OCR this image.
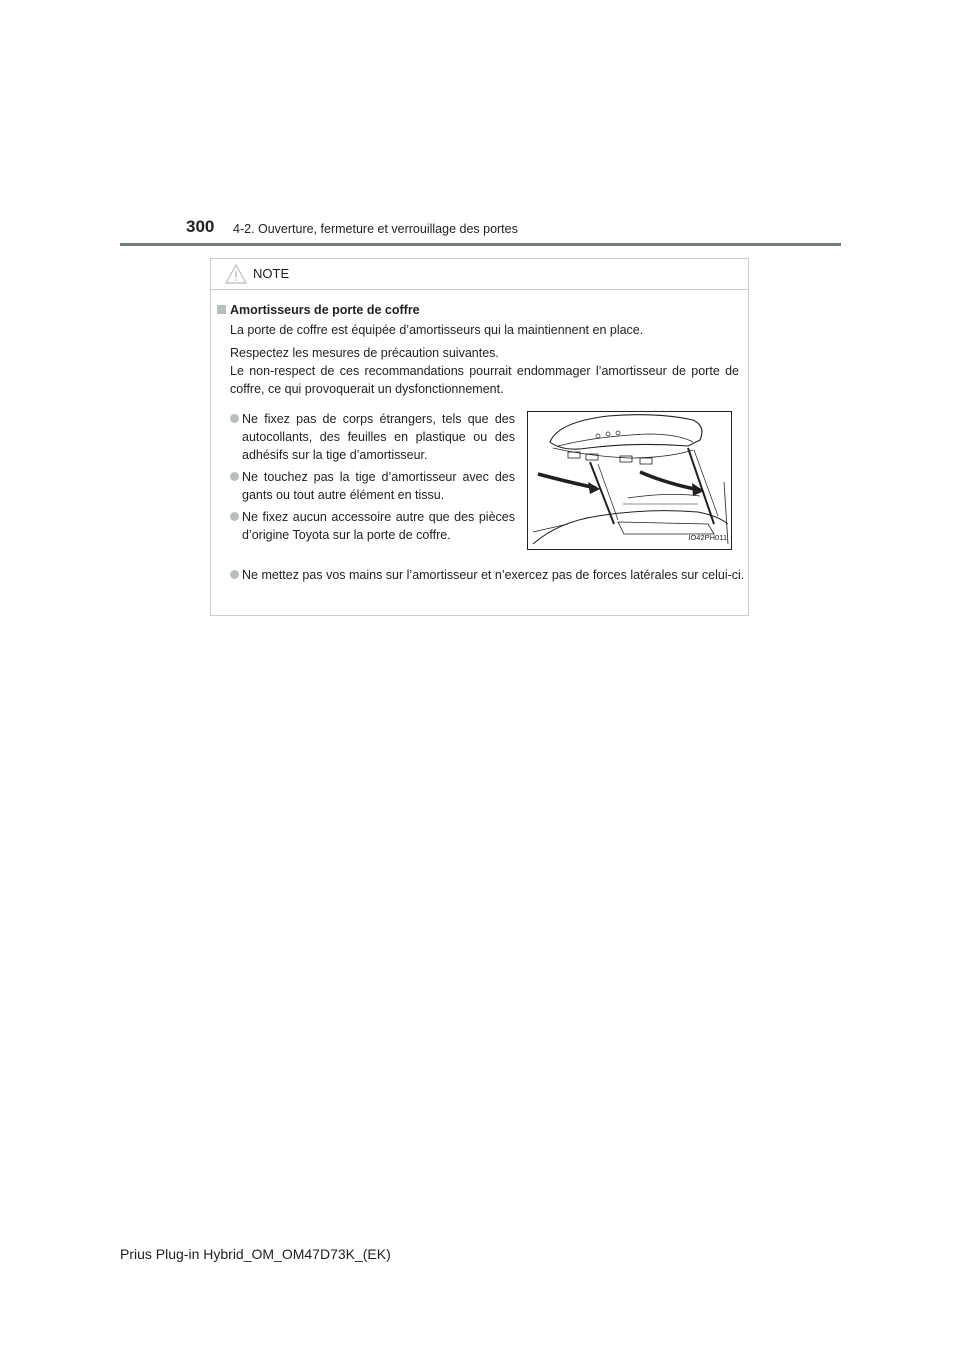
300 4-2. Ouverture, fermeture et verrouillage des portes
NOTE
Amortisseurs de porte de coffre
La porte de coffre est équipée d’amortisseurs qui la maintiennent en place.
Respectez les mesures de précaution suivantes.
Le non-respect de ces recommandations pourrait endommager l’amortisseur de porte de coffre, ce qui provoquerait un dysfonctionnement.
Ne fixez pas de corps étrangers, tels que des autocollants, des feuilles en plastique ou des adhésifs sur la tige d’amortisseur.
Ne touchez pas la tige d’amortisseur avec des gants ou tout autre élément en tissu.
Ne fixez aucun accessoire autre que des pièces d’origine Toyota sur la porte de coffre.
Ne mettez pas vos mains sur l’amortisseur et n’exercez pas de forces latérales sur celui-ci.
IO42PH011
Prius Plug-in Hybrid_OM_OM47D73K_(EK)
